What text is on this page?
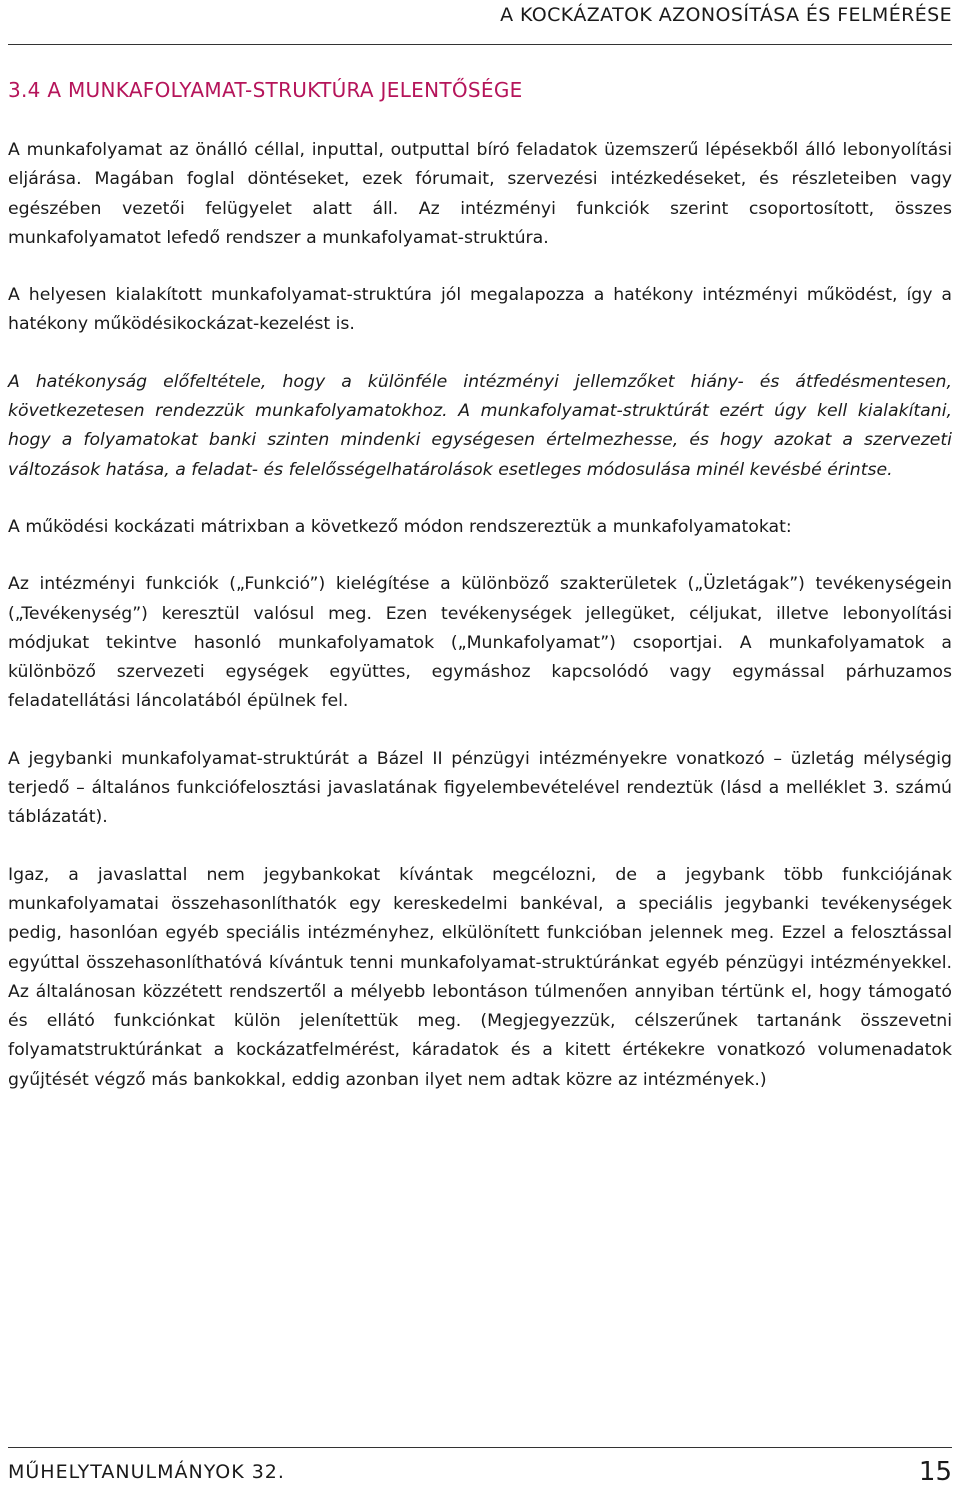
A KOCKÁZATOK AZONOSÍTÁSA ÉS FELMÉRÉSE
3.4 A MUNKAFOLYAMAT-STRUKTÚRA JELENTŐSÉGE

A munkafolyamat az önálló céllal, inputtal, outputtal bíró feladatok üzemszerű lépésekből álló lebonyolítási eljárása. Magában foglal döntéseket, ezek fórumait, szervezési intézkedéseket, és részleteiben vagy egészében vezetői felügyelet alatt áll. Az intézményi funkciók szerint csoportosított, összes munkafolyamatot lefedő rendszer a munkafolyamat-struktúra.

A helyesen kialakított munkafolyamat-struktúra jól megalapozza a hatékony intézményi működést, így a hatékony működésikockázat-kezelést is.

A hatékonyság előfeltétele, hogy a különféle intézményi jellemzőket hiány- és átfedésmentesen, következetesen rendezzük munkafolyamatokhoz. A munkafolyamat-struktúrát ezért úgy kell kialakítani, hogy a folyamatokat banki szinten mindenki egységesen értelmezhesse, és hogy azokat a szervezeti változások hatása, a feladat- és felelősségelhatárolások esetleges módosulása minél kevésbé érintse.

A működési kockázati mátrixban a következő módon rendszereztük a munkafolyamatokat:

Az intézményi funkciók („Funkció”) kielégítése a különböző szakterületek („Üzletágak”) tevékenységein („Tevékenység”) keresztül valósul meg. Ezen tevékenységek jellegüket, céljukat, illetve lebonyolítási módjukat tekintve hasonló munkafolyamatok („Munkafolyamat”) csoportjai. A munkafolyamatok a különböző szervezeti egységek együttes, egymáshoz kapcsolódó vagy egymással párhuzamos feladatellátási láncolatából épülnek fel.

A jegybanki munkafolyamat-struktúrát a Bázel II pénzügyi intézményekre vonatkozó – üzletág mélységig terjedő – általános funkciófelosztási javaslatának figyelembevételével rendeztük (lásd a melléklet 3. számú táblázatát).

Igaz, a javaslattal nem jegybankokat kívántak megcélozni, de a jegybank több funkciójának munkafolyamatai összehasonlíthatók egy kereskedelmi bankéval, a speciális jegybanki tevékenységek pedig, hasonlóan egyéb speciális intézményhez, elkülönített funkcióban jelennek meg. Ezzel a felosztással egyúttal összehasonlíthatóvá kívántuk tenni munkafolyamat-struktúránkat egyéb pénzügyi intézményekkel. Az általánosan közzétett rendszertől a mélyebb lebontáson túlmenően annyiban tértünk el, hogy támogató és ellátó funkciónkat külön jelenítettük meg. (Megjegyezzük, célszerűnek tartanánk összevetni folyamatstruktúránkat a kockázatfelmérést, káradatok és a kitett értékekre vonatkozó volumenadatok gyűjtését végző más bankokkal, eddig azonban ilyet nem adtak közre az intézmények.)

MŰHELYTANULMÁNYOK 32.	15
